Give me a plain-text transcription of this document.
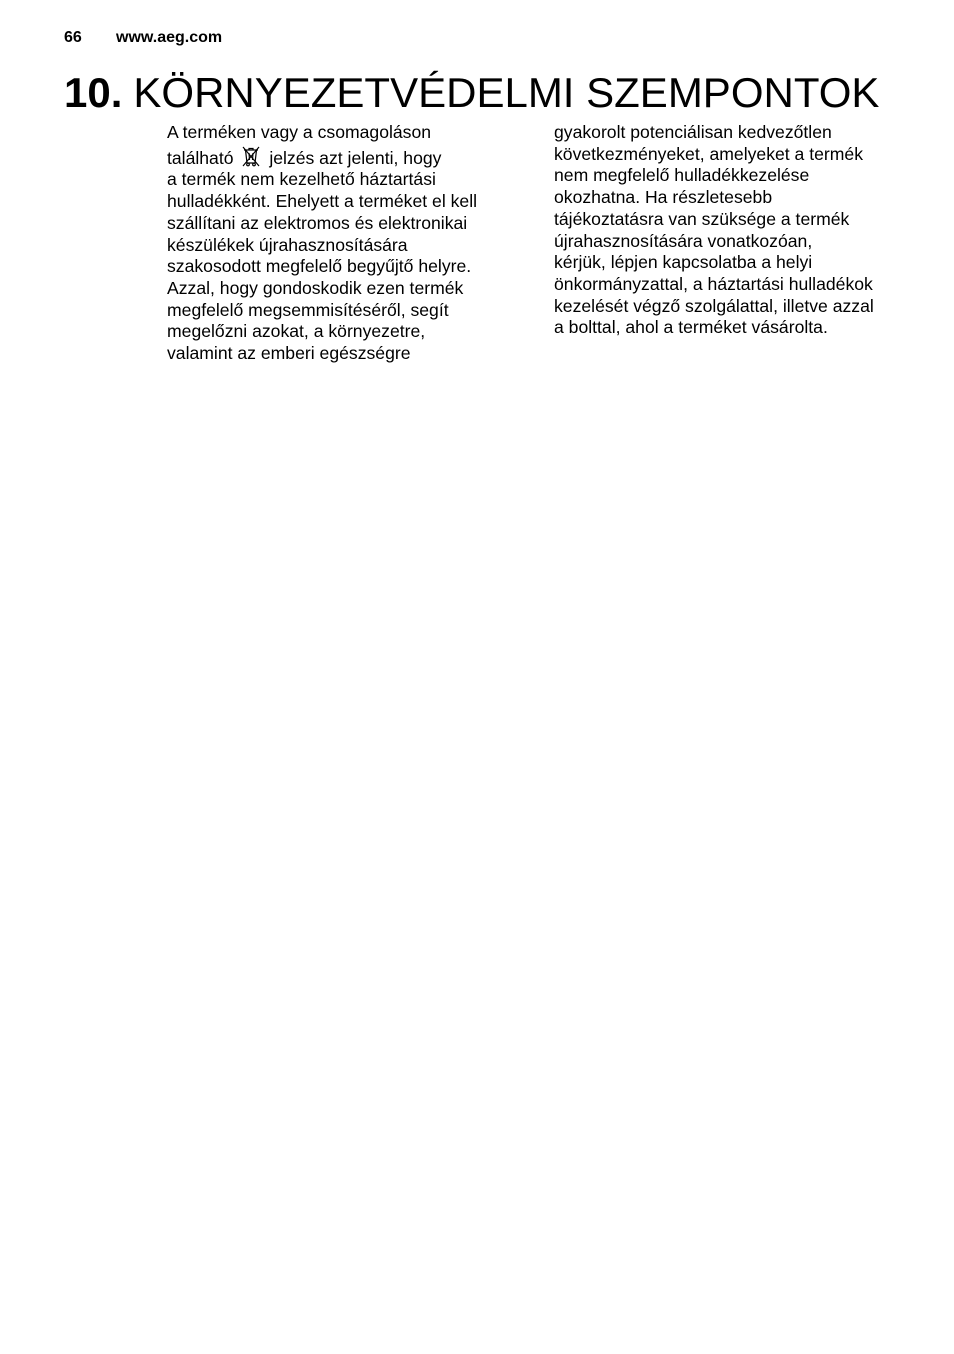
66 www.aeg.com
10. KÖRNYEZETVÉDELMI SZEMPONTOK
A terméken vagy a csomagoláson
található jelzés azt jelenti, hogy
a termék nem kezelhető háztartási
hulladékként. Ehelyett a terméket el kell
szállítani az elektromos és elektronikai
készülékek újrahasznosítására
szakosodott megfelelő begyűjtő helyre.
Azzal, hogy gondoskodik ezen termék
megfelelő megsemmisítéséről, segít
megelőzni azokat, a környezetre,
valamint az emberi egészségre
gyakorolt potenciálisan kedvezőtlen
következményeket, amelyeket a termék
nem megfelelő hulladékkezelése
okozhatna. Ha részletesebb
tájékoztatásra van szüksége a termék
újrahasznosítására vonatkozóan,
kérjük, lépjen kapcsolatba a helyi
önkormányzattal, a háztartási hulladékok
kezelését végző szolgálattal, illetve azzal
a bolttal, ahol a terméket vásárolta.
